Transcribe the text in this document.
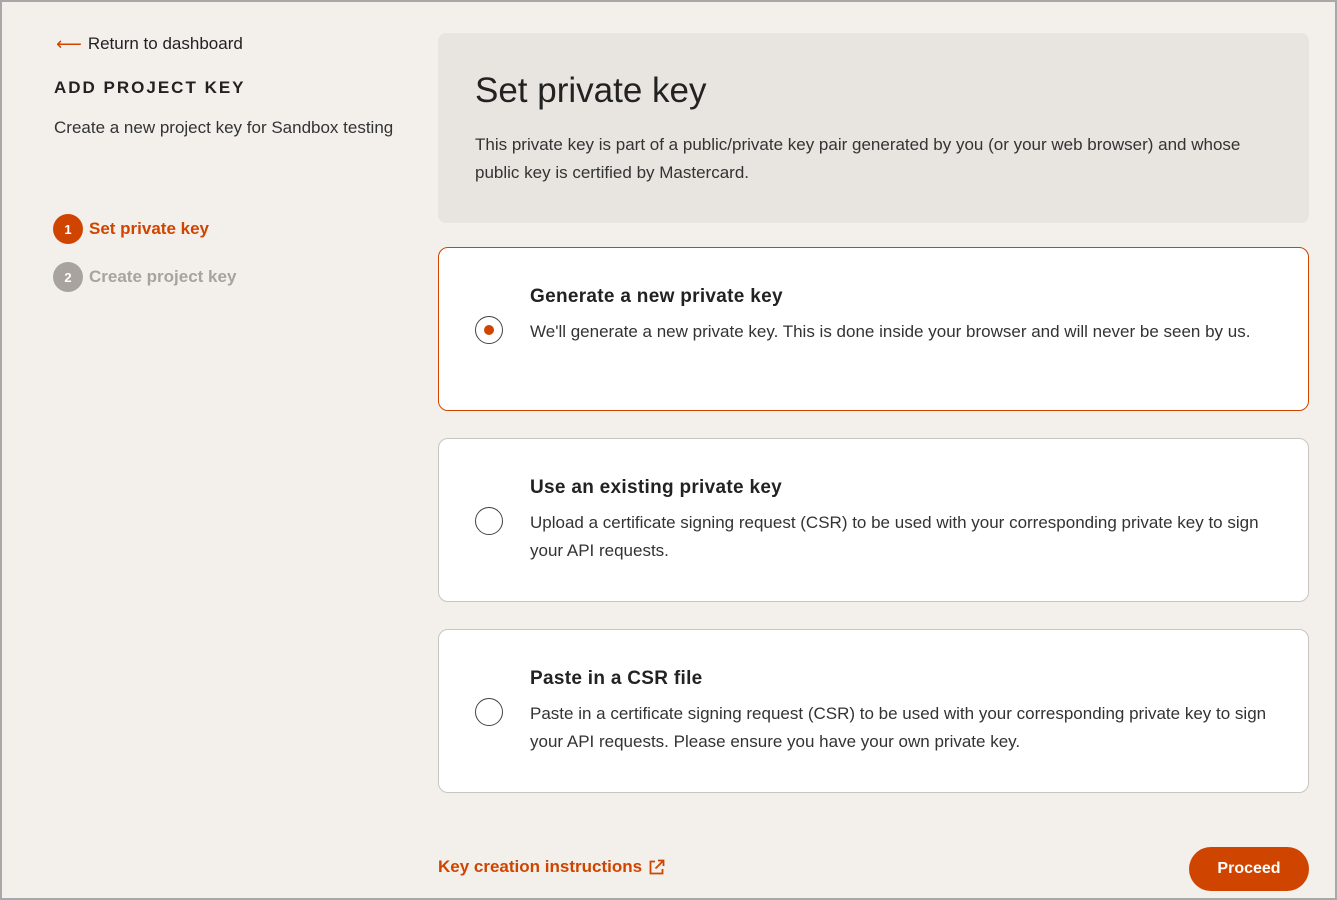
⟵ Return to dashboard
ADD PROJECT KEY
Create a new project key for Sandbox testing
1	Set private key
2	Create project key
Set private key

This private key is part of a public/private key pair generated by you (or your web browser) and whose public key is certified by Mastercard.

Generate a new private key
We'll generate a new private key. This is done inside your browser and will never be seen by us.
Use an existing private key
Upload a certificate signing request (CSR) to be used with your corresponding private key to sign your API requests.
Paste in a CSR file
Paste in a certificate signing request (CSR) to be used with your corresponding private key to sign your API requests. Please ensure you have your own private key.
Key creation instructions	Proceed
